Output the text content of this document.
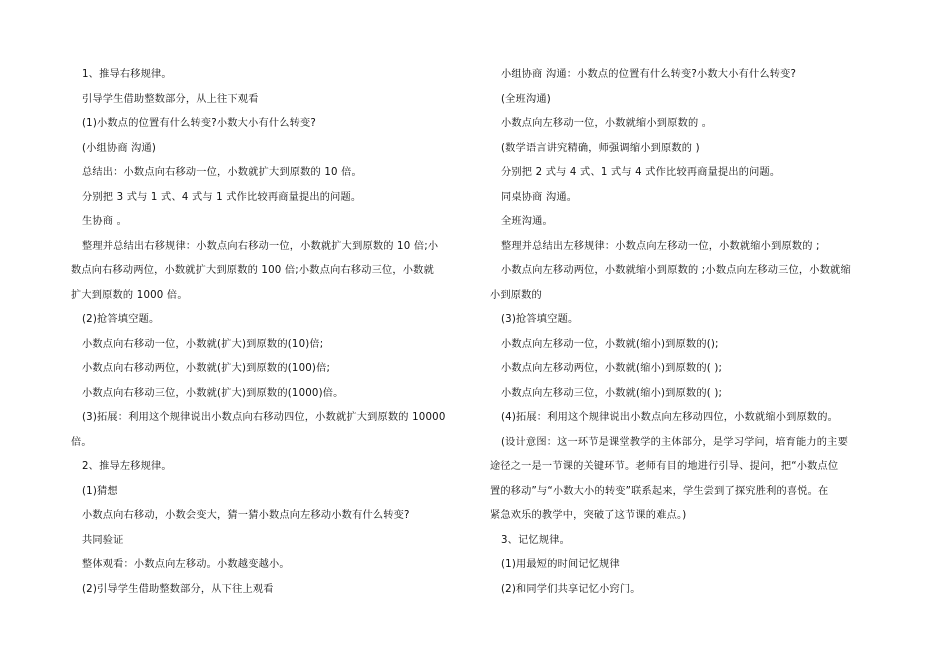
1、推导右移规律。
引导学生借助整数部分，从上往下观看
(1)小数点的位置有什么转变?小数大小有什么转变?
(小组协商 沟通)
总结出：小数点向右移动一位，小数就扩大到原数的 10 倍。
分别把 3 式与 1 式、4 式与 1 式作比较再商量提出的问题。
生协商 。
整理并总结出右移规律：小数点向右移动一位，小数就扩大到原数的 10 倍;小
数点向右移动两位，小数就扩大到原数的 100 倍;小数点向右移动三位，小数就
扩大到原数的 1000 倍。
(2)抢答填空题。
小数点向右移动一位，小数就(扩大)到原数的(10)倍;
小数点向右移动两位，小数就(扩大)到原数的(100)倍;
小数点向右移动三位，小数就(扩大)到原数的(1000)倍。
(3)拓展：利用这个规律说出小数点向右移动四位，小数就扩大到原数的 10000
倍。
2、推导左移规律。
(1)猜想
小数点向右移动，小数会变大，猜一猜小数点向左移动小数有什么转变?
共同验证
整体观看：小数点向左移动。小数越变越小。
(2)引导学生借助整数部分，从下往上观看
小组协商 沟通：小数点的位置有什么转变?小数大小有什么转变?
(全班沟通)
小数点向左移动一位，小数就缩小到原数的 。
(数学语言讲究精确，师强调缩小到原数的 )
分别把 2 式与 4 式、1 式与 4 式作比较再商量提出的问题。
同桌协商 沟通。
全班沟通。
整理并总结出左移规律：小数点向左移动一位，小数就缩小到原数的 ;
小数点向左移动两位，小数就缩小到原数的 ;小数点向左移动三位，小数就缩
小到原数的
(3)抢答填空题。
小数点向左移动一位，小数就(缩小)到原数的();
小数点向左移动两位，小数就(缩小)到原数的( );
小数点向左移动三位，小数就(缩小)到原数的( );
(4)拓展：利用这个规律说出小数点向左移动四位，小数就缩小到原数的。
(设计意图：这一环节是课堂教学的主体部分，是学习学问，培育能力的主要
途径之一是一节课的关键环节。老师有目的地进行引导、提问，把“小数点位
置的移动”与“小数大小的转变”联系起来，学生尝到了探究胜利的喜悦。在
紧急欢乐的教学中，突破了这节课的难点。)
3、记忆规律。
(1)用最短的时间记忆规律
(2)和同学们共享记忆小窍门。
